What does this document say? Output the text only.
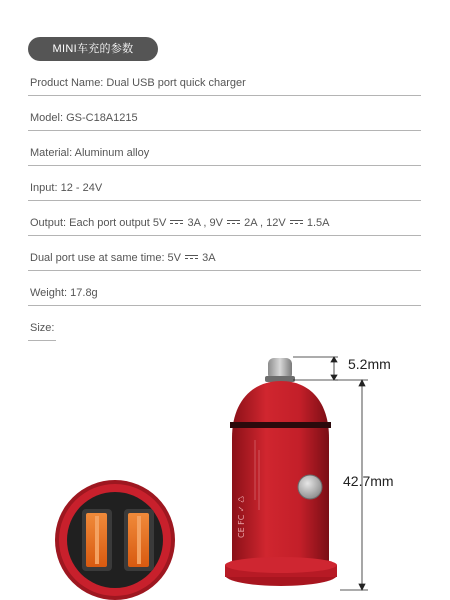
MINI车充的参数
Product Name: Dual USB port quick charger
Model: GS-C18A1215
Material: Aluminum alloy
Input: 12 - 24V
Output: Each port output 5V 3A , 9V 2A , 12V 1.5A
Dual port use at same time: 5V 3A
Weight: 17.8g
Size:
CE FC ✓ ♺
5.2mm
42.7mm
